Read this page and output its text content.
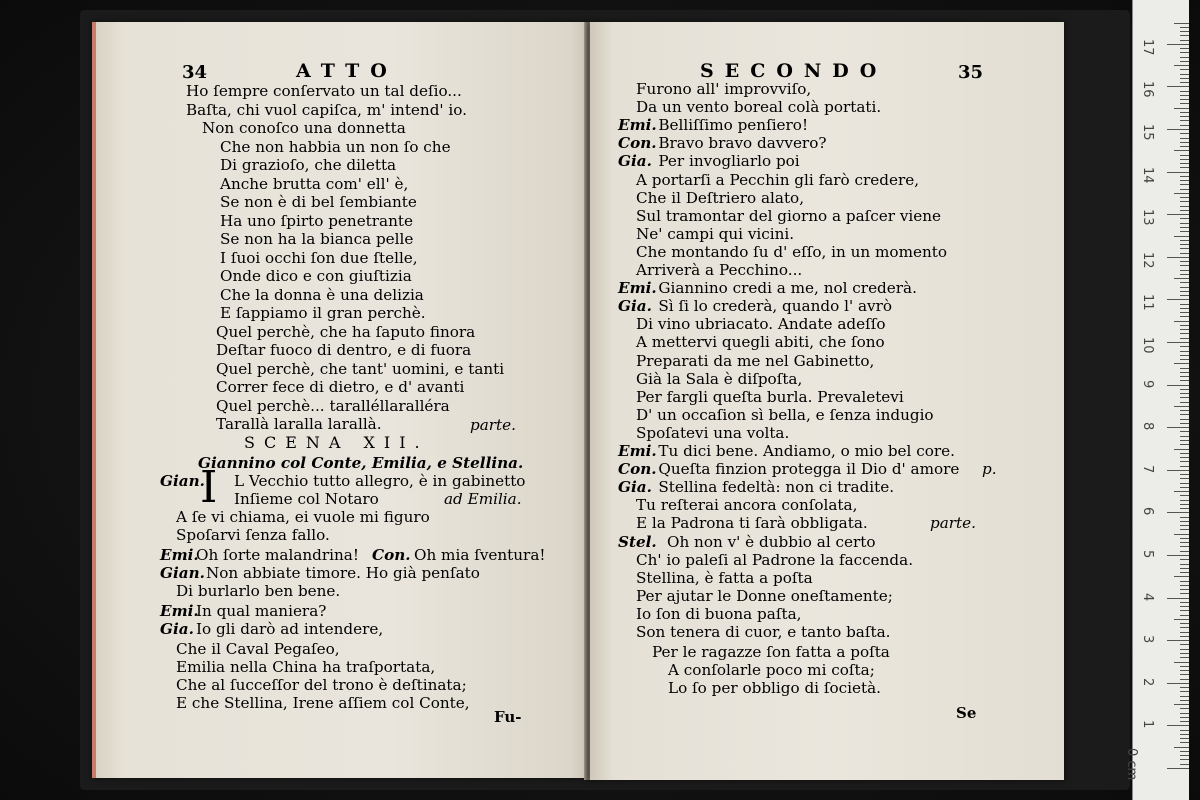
34	ATTO
Ho ſempre conſervato un tal deſio...
Baſta, chi vuol capiſca, m' intend' io.
Non conoſco una donnetta
Che non habbia un non ſo che
Di grazioſo, che diletta
Anche brutta com' ell' è,
Se non è di bel ſembiante
Ha uno ſpirto penetrante
Se non ha la bianca pelle
I ſuoi occhi ſon due ſtelle,
Onde dico e con giuſtizia
Che la donna è una delizia
E ſappiamo il gran perchè.
Quel perchè, che ha ſaputo finora
Deſtar fuoco di dentro, e di fuora
Quel perchè, che tant' uomini, e tanti
Correr fece di dietro, e d' avanti
Quel perchè... taralléllaralléra
Tarallà laralla larallà.	parte.
SCENA XII.
Giannino col Conte, Emilia, e Stellina.
I
Gian. L Vecchio tutto allegro, è in gabinetto
Inſieme col Notaro	ad Emilia.
A ſe vi chiama, ei vuole mi figuro
Spoſarvi ſenza fallo.
Emi.
Oh ſorte malandrina! Con. Oh mia ſventura!
Gian. Non abbiate timore. Ho già penſato
Di burlarlo ben bene.
Emi.
In qual maniera?
Gia. Io gli darò ad intendere,
Che il Caval Pegaſeo,
Emilia nella China ha traſportata,
Che al ſucceſſor del trono è deſtinata;
E che Stellina, Irene aſſiem col Conte,
Fu-
SECONDO	35
Furono all' improvviſo,
Da un vento boreal colà portati.
Emi. Belliſſimo penſiero!
Con. Bravo bravo davvero?
Gia. Per invogliarlo poi
A portarſi a Pecchin gli farò credere,
Che il Deſtriero alato,
Sul tramontar del giorno a paſcer viene
Ne' campi qui vicini.
Che montando ſu d' eſſo, in un momento
Arriverà a Pecchino...
Emi. Giannino credi a me, nol crederà.
Gia. Sì ſi lo crederà, quando l' avrò
Di vino ubriacato. Andate adeſſo
A mettervi quegli abiti, che ſono
Preparati da me nel Gabinetto,
Già la Sala è diſpoſta,
Per fargli queſta burla. Prevaletevi
D' un occaſion sì bella, e ſenza indugio
Spoſatevi una volta.
Emi. Tu dici bene. Andiamo, o mio bel core.
Con. Queſta finzion protegga il Dio d' amore p.
Gia. Stellina fedeltà: non ci tradite.
Tu reſterai ancora conſolata,
E la Padrona ti ſarà obbligata.	parte.
Stel. Oh non v' è dubbio al certo
Ch' io paleſi al Padrone la faccenda.
Stellina, è fatta a poſta
Per ajutar le Donne oneſtamente;
Io ſon di buona paſta,
Son tenera di cuor, e tanto baſta.
Per le ragazze ſon fatta a poſta
A conſolarle poco mi coſta;
Lo ſo per obbligo di ſocietà.
Se
1
2
3
4
5
6
7
8
9
10
11
12
13
14
15
16
17
0 cm
